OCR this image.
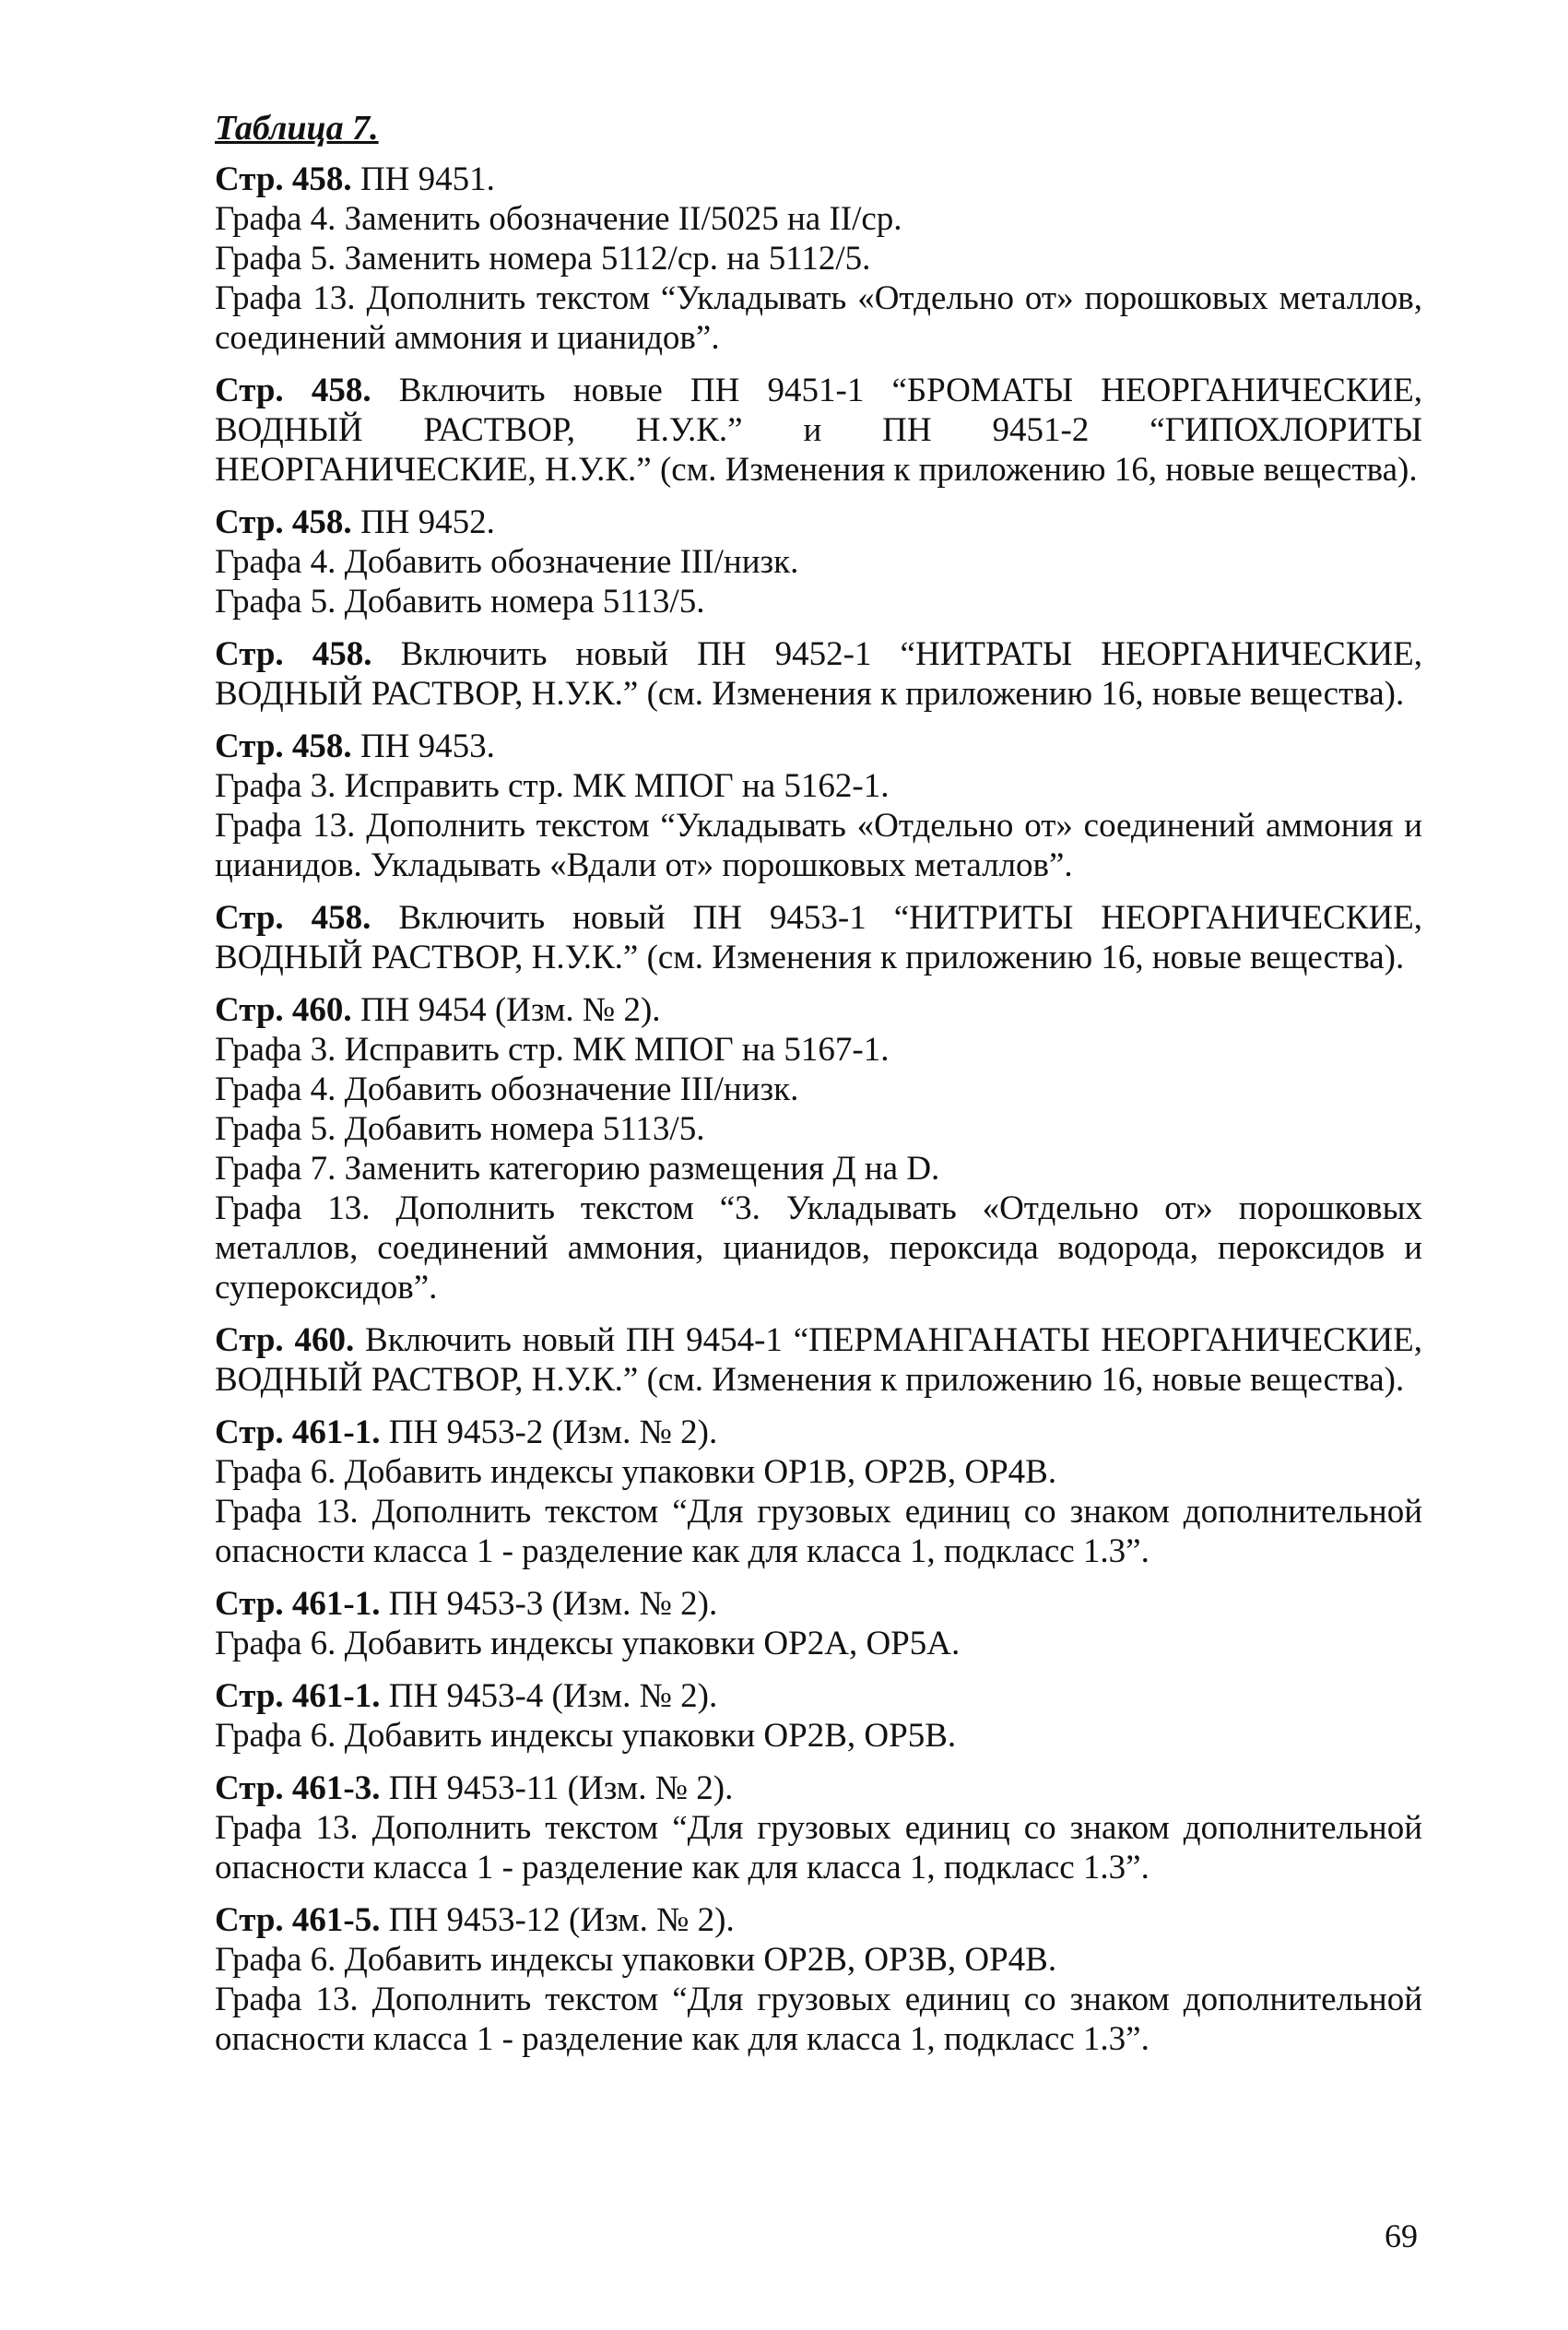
Таблица 7.
Стр. 458. ПН 9451.
Графа 4. Заменить обозначение II/5025 на II/ср.
Графа 5. Заменить номера 5112/ср. на 5112/5.
Графа 13. Дополнить текстом “Укладывать «Отдельно от» порошковых металлов, соединений аммония и цианидов”.
Стр. 458. Включить новые ПН 9451-1 “БРОМАТЫ НЕОРГАНИЧЕСКИЕ, ВОДНЫЙ РАСТВОР, Н.У.К.” и ПН 9451-2 “ГИПОХЛОРИТЫ НЕОРГАНИЧЕСКИЕ, Н.У.К.” (см. Изменения к приложению 16, новые вещества).
Стр. 458. ПН 9452.
Графа 4. Добавить обозначение III/низк.
Графа 5. Добавить номера 5113/5.
Стр. 458. Включить новый ПН 9452-1 “НИТРАТЫ НЕОРГАНИЧЕСКИЕ, ВОДНЫЙ РАСТВОР, Н.У.К.” (см. Изменения к приложению 16, новые вещества).
Стр. 458. ПН 9453.
Графа 3. Исправить стр. МК МПОГ на 5162-1.
Графа 13. Дополнить текстом “Укладывать «Отдельно от» соединений аммония и цианидов. Укладывать «Вдали от» порошковых металлов”.
Стр. 458. Включить новый ПН 9453-1 “НИТРИТЫ НЕОРГАНИЧЕСКИЕ, ВОДНЫЙ РАСТВОР, Н.У.К.” (см. Изменения к приложению 16, новые вещества).
Стр. 460. ПН 9454 (Изм. № 2).
Графа 3. Исправить стр. МК МПОГ на 5167-1.
Графа 4. Добавить обозначение III/низк.
Графа 5. Добавить номера 5113/5.
Графа 7. Заменить категорию размещения Д на D.
Графа 13. Дополнить текстом “3. Укладывать «Отдельно от» порошковых металлов, соединений аммония, цианидов, пероксида водорода, пероксидов и супероксидов”.
Стр. 460. Включить новый ПН 9454-1 “ПЕРМАНГАНАТЫ НЕОРГАНИЧЕСКИЕ, ВОДНЫЙ РАСТВОР, Н.У.К.” (см. Изменения к приложению 16, новые вещества).
Стр. 461-1. ПН 9453-2 (Изм. № 2).
Графа 6. Добавить индексы упаковки ОР1В, ОР2В, ОР4В.
Графа 13. Дополнить текстом “Для грузовых единиц со знаком дополнительной опасности класса 1 - разделение как для класса 1, подкласс 1.3”.
Стр. 461-1. ПН 9453-3 (Изм. № 2).
Графа 6. Добавить индексы упаковки ОР2А, ОР5А.
Стр. 461-1. ПН 9453-4 (Изм. № 2).
Графа 6. Добавить индексы упаковки ОР2В, ОР5В.
Стр. 461-3. ПН 9453-11 (Изм. № 2).
Графа 13. Дополнить текстом “Для грузовых единиц со знаком дополнительной опасности класса 1 - разделение как для класса 1, подкласс 1.3”.
Стр. 461-5. ПН 9453-12 (Изм. № 2).
Графа 6. Добавить индексы упаковки ОР2В, ОР3В, ОР4В.
Графа 13. Дополнить текстом “Для грузовых единиц со знаком дополнительной опасности класса 1 - разделение как для класса 1, подкласс 1.3”.
69
